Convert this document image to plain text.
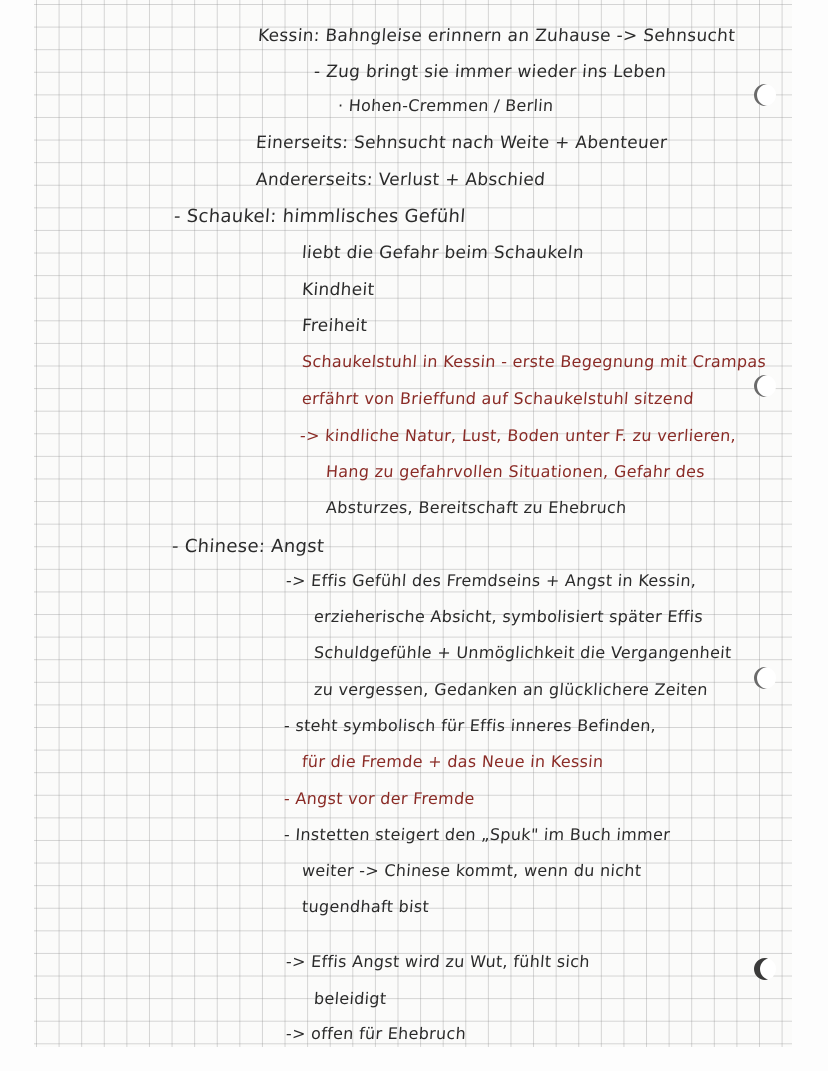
Kessin: Bahngleise erinnern an Zuhause -> Sehnsucht
- Zug bringt sie immer wieder ins Leben
· Hohen-Cremmen / Berlin
Einerseits: Sehnsucht nach Weite + Abenteuer
Andererseits: Verlust + Abschied
- Schaukel: himmlisches Gefühl
liebt die Gefahr beim Schaukeln
Kindheit
Freiheit
Schaukelstuhl in Kessin - erste Begegnung mit Crampas
erfährt von Brieffund auf Schaukelstuhl sitzend
-> kindliche Natur, Lust, Boden unter F. zu verlieren,
Hang zu gefahrvollen Situationen, Gefahr des
Absturzes, Bereitschaft zu Ehebruch
- Chinese: Angst
-> Effis Gefühl des Fremdseins + Angst in Kessin,
erzieherische Absicht, symbolisiert später Effis
Schuldgefühle + Unmöglichkeit die Vergangenheit
zu vergessen, Gedanken an glücklichere Zeiten
- steht symbolisch für Effis inneres Befinden,
für die Fremde + das Neue in Kessin
- Angst vor der Fremde
- Instetten steigert den „Spuk" im Buch immer
weiter -> Chinese kommt, wenn du nicht
tugendhaft bist
-> Effis Angst wird zu Wut, fühlt sich
beleidigt
-> offen für Ehebruch
